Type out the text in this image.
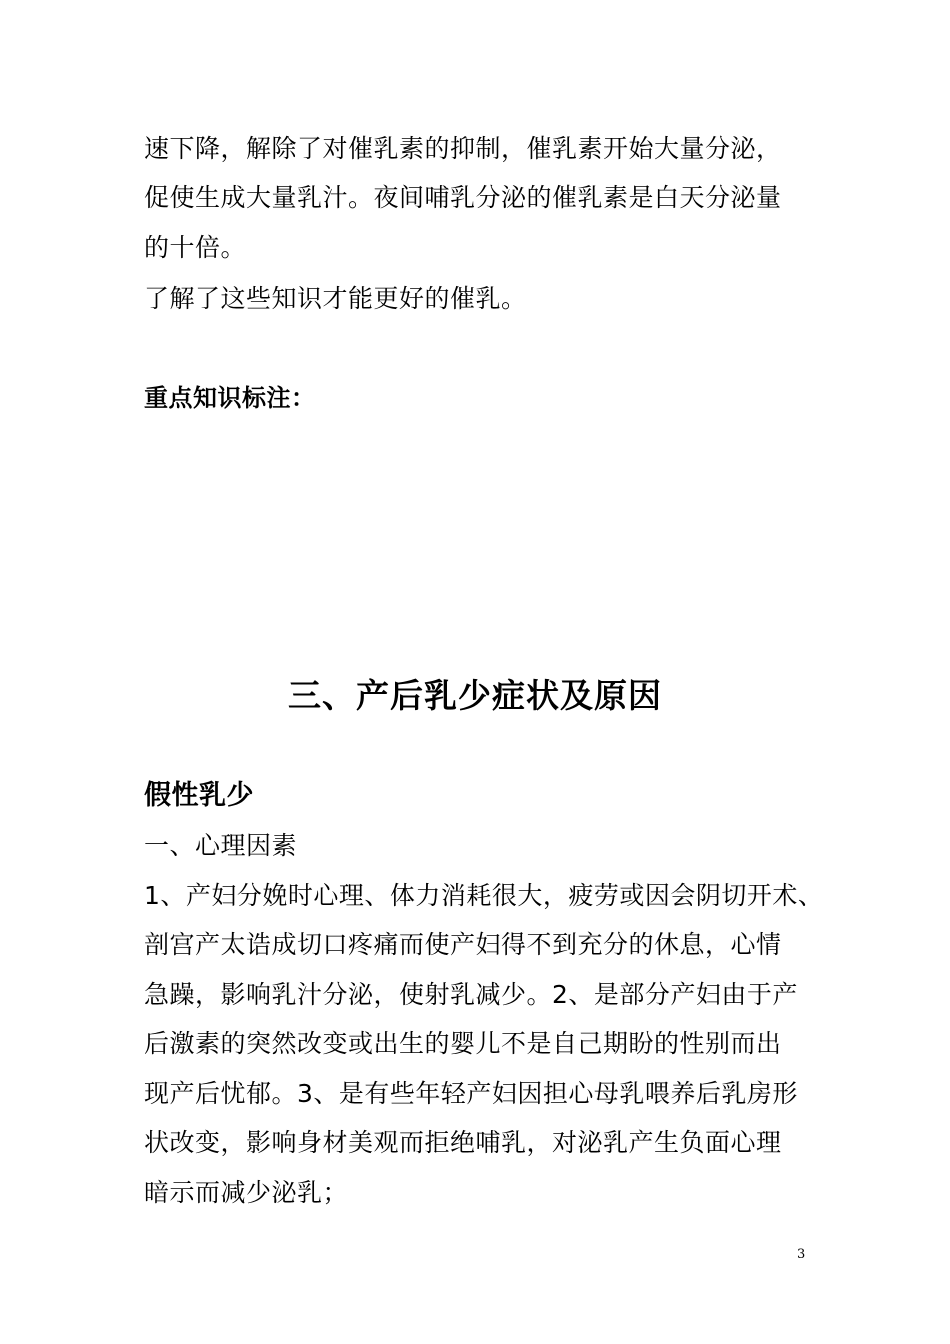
速下降，解除了对催乳素的抑制，催乳素开始大量分泌，
促使生成大量乳汁。夜间哺乳分泌的催乳素是白天分泌量
的十倍。
了解了这些知识才能更好的催乳。
重点知识标注：
三、产后乳少症状及原因
假性乳少
一、心理因素
1、产妇分娩时心理、体力消耗很大，疲劳或因会阴切开术、
剖宫产太诰成切口疼痛而使产妇得不到充分的休息，心情
急躁，影响乳汁分泌，使射乳减少。2、是部分产妇由于产
后激素的突然改变或出生的婴儿不是自己期盼的性别而出
现产后忧郁。3、是有些年轻产妇因担心母乳喂养后乳房形
状改变，影响身材美观而拒绝哺乳，对泌乳产生负面心理
暗示而减少泌乳；
3
